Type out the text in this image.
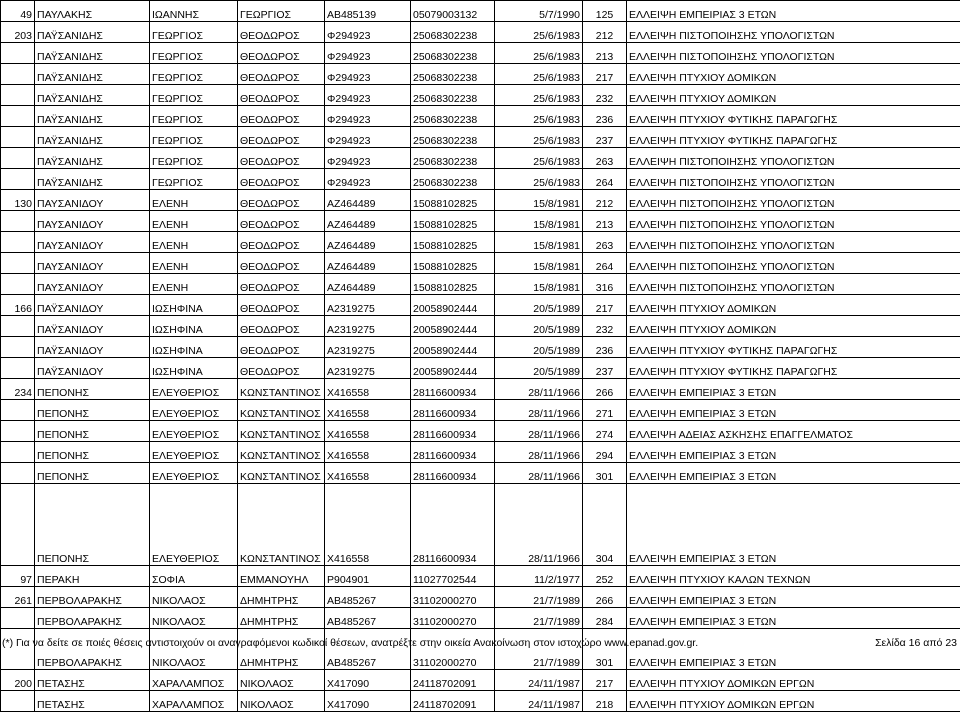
49	ΠΑΥΛΑΚΗΣ	ΙΩΑΝΝΗΣ	ΓΕΩΡΓΙΟΣ	ΑΒ485139	05079003132	5/7/1990	125	ΕΛΛΕΙΨΗ ΕΜΠΕΙΡΙΑΣ 3 ΕΤΩΝ
203	ΠΑΫΣΑΝΙΔΗΣ	ΓΕΩΡΓΙΟΣ	ΘΕΟΔΩΡΟΣ	Φ294923	25068302238	25/6/1983	212	ΕΛΛΕΙΨΗ ΠΙΣΤΟΠΟΙΗΣΗΣ ΥΠΟΛΟΓΙΣΤΩΝ
	ΠΑΫΣΑΝΙΔΗΣ	ΓΕΩΡΓΙΟΣ	ΘΕΟΔΩΡΟΣ	Φ294923	25068302238	25/6/1983	213	ΕΛΛΕΙΨΗ ΠΙΣΤΟΠΟΙΗΣΗΣ ΥΠΟΛΟΓΙΣΤΩΝ
	ΠΑΫΣΑΝΙΔΗΣ	ΓΕΩΡΓΙΟΣ	ΘΕΟΔΩΡΟΣ	Φ294923	25068302238	25/6/1983	217	ΕΛΛΕΙΨΗ ΠΤΥΧΙΟΥ ΔΟΜΙΚΩΝ
	ΠΑΫΣΑΝΙΔΗΣ	ΓΕΩΡΓΙΟΣ	ΘΕΟΔΩΡΟΣ	Φ294923	25068302238	25/6/1983	232	ΕΛΛΕΙΨΗ ΠΤΥΧΙΟΥ ΔΟΜΙΚΩΝ
	ΠΑΫΣΑΝΙΔΗΣ	ΓΕΩΡΓΙΟΣ	ΘΕΟΔΩΡΟΣ	Φ294923	25068302238	25/6/1983	236	ΕΛΛΕΙΨΗ ΠΤΥΧΙΟΥ ΦΥΤΙΚΗΣ ΠΑΡΑΓΩΓΗΣ
	ΠΑΫΣΑΝΙΔΗΣ	ΓΕΩΡΓΙΟΣ	ΘΕΟΔΩΡΟΣ	Φ294923	25068302238	25/6/1983	237	ΕΛΛΕΙΨΗ ΠΤΥΧΙΟΥ ΦΥΤΙΚΗΣ ΠΑΡΑΓΩΓΗΣ
	ΠΑΫΣΑΝΙΔΗΣ	ΓΕΩΡΓΙΟΣ	ΘΕΟΔΩΡΟΣ	Φ294923	25068302238	25/6/1983	263	ΕΛΛΕΙΨΗ ΠΙΣΤΟΠΟΙΗΣΗΣ ΥΠΟΛΟΓΙΣΤΩΝ
	ΠΑΫΣΑΝΙΔΗΣ	ΓΕΩΡΓΙΟΣ	ΘΕΟΔΩΡΟΣ	Φ294923	25068302238	25/6/1983	264	ΕΛΛΕΙΨΗ ΠΙΣΤΟΠΟΙΗΣΗΣ ΥΠΟΛΟΓΙΣΤΩΝ
130	ΠΑΥΣΑΝΙΔΟΥ	ΕΛΕΝΗ	ΘΕΟΔΩΡΟΣ	ΑΖ464489	15088102825	15/8/1981	212	ΕΛΛΕΙΨΗ ΠΙΣΤΟΠΟΙΗΣΗΣ ΥΠΟΛΟΓΙΣΤΩΝ
	ΠΑΥΣΑΝΙΔΟΥ	ΕΛΕΝΗ	ΘΕΟΔΩΡΟΣ	ΑΖ464489	15088102825	15/8/1981	213	ΕΛΛΕΙΨΗ ΠΙΣΤΟΠΟΙΗΣΗΣ ΥΠΟΛΟΓΙΣΤΩΝ
	ΠΑΥΣΑΝΙΔΟΥ	ΕΛΕΝΗ	ΘΕΟΔΩΡΟΣ	ΑΖ464489	15088102825	15/8/1981	263	ΕΛΛΕΙΨΗ ΠΙΣΤΟΠΟΙΗΣΗΣ ΥΠΟΛΟΓΙΣΤΩΝ
	ΠΑΥΣΑΝΙΔΟΥ	ΕΛΕΝΗ	ΘΕΟΔΩΡΟΣ	ΑΖ464489	15088102825	15/8/1981	264	ΕΛΛΕΙΨΗ ΠΙΣΤΟΠΟΙΗΣΗΣ ΥΠΟΛΟΓΙΣΤΩΝ
	ΠΑΥΣΑΝΙΔΟΥ	ΕΛΕΝΗ	ΘΕΟΔΩΡΟΣ	ΑΖ464489	15088102825	15/8/1981	316	ΕΛΛΕΙΨΗ ΠΙΣΤΟΠΟΙΗΣΗΣ ΥΠΟΛΟΓΙΣΤΩΝ
166	ΠΑΫΣΑΝΙΔΟΥ	ΙΩΣΗΦΙΝΑ	ΘΕΟΔΩΡΟΣ	Α2319275	20058902444	20/5/1989	217	ΕΛΛΕΙΨΗ ΠΤΥΧΙΟΥ ΔΟΜΙΚΩΝ
	ΠΑΫΣΑΝΙΔΟΥ	ΙΩΣΗΦΙΝΑ	ΘΕΟΔΩΡΟΣ	Α2319275	20058902444	20/5/1989	232	ΕΛΛΕΙΨΗ ΠΤΥΧΙΟΥ ΔΟΜΙΚΩΝ
	ΠΑΫΣΑΝΙΔΟΥ	ΙΩΣΗΦΙΝΑ	ΘΕΟΔΩΡΟΣ	Α2319275	20058902444	20/5/1989	236	ΕΛΛΕΙΨΗ ΠΤΥΧΙΟΥ ΦΥΤΙΚΗΣ ΠΑΡΑΓΩΓΗΣ
	ΠΑΫΣΑΝΙΔΟΥ	ΙΩΣΗΦΙΝΑ	ΘΕΟΔΩΡΟΣ	Α2319275	20058902444	20/5/1989	237	ΕΛΛΕΙΨΗ ΠΤΥΧΙΟΥ ΦΥΤΙΚΗΣ ΠΑΡΑΓΩΓΗΣ
234	ΠΕΠΟΝΗΣ	ΕΛΕΥΘΕΡΙΟΣ	ΚΩΝΣΤΑΝΤΙΝΟΣ	Χ416558	28116600934	28/11/1966	266	ΕΛΛΕΙΨΗ ΕΜΠΕΙΡΙΑΣ 3 ΕΤΩΝ
	ΠΕΠΟΝΗΣ	ΕΛΕΥΘΕΡΙΟΣ	ΚΩΝΣΤΑΝΤΙΝΟΣ	Χ416558	28116600934	28/11/1966	271	ΕΛΛΕΙΨΗ ΕΜΠΕΙΡΙΑΣ 3 ΕΤΩΝ
	ΠΕΠΟΝΗΣ	ΕΛΕΥΘΕΡΙΟΣ	ΚΩΝΣΤΑΝΤΙΝΟΣ	Χ416558	28116600934	28/11/1966	274	ΕΛΛΕΙΨΗ ΑΔΕΙΑΣ ΑΣΚΗΣΗΣ ΕΠΑΓΓΕΛΜΑΤΟΣ
	ΠΕΠΟΝΗΣ	ΕΛΕΥΘΕΡΙΟΣ	ΚΩΝΣΤΑΝΤΙΝΟΣ	Χ416558	28116600934	28/11/1966	294	ΕΛΛΕΙΨΗ ΕΜΠΕΙΡΙΑΣ 3 ΕΤΩΝ
	ΠΕΠΟΝΗΣ	ΕΛΕΥΘΕΡΙΟΣ	ΚΩΝΣΤΑΝΤΙΝΟΣ	Χ416558	28116600934	28/11/1966	301	ΕΛΛΕΙΨΗ ΕΜΠΕΙΡΙΑΣ 3 ΕΤΩΝ
	ΠΕΠΟΝΗΣ	ΕΛΕΥΘΕΡΙΟΣ	ΚΩΝΣΤΑΝΤΙΝΟΣ	Χ416558	28116600934	28/11/1966	304	ΕΛΛΕΙΨΗ ΕΜΠΕΙΡΙΑΣ 3 ΕΤΩΝ
97	ΠΕΡΑΚΗ	ΣΟΦΙΑ	ΕΜΜΑΝΟΥΗΛ	Ρ904901	11027702544	11/2/1977	252	ΕΛΛΕΙΨΗ ΠΤΥΧΙΟΥ ΚΑΛΩΝ ΤΕΧΝΩΝ
261	ΠΕΡΒΟΛΑΡΑΚΗΣ	ΝΙΚΟΛΑΟΣ	ΔΗΜΗΤΡΗΣ	ΑΒ485267	31102000270	21/7/1989	266	ΕΛΛΕΙΨΗ ΕΜΠΕΙΡΙΑΣ 3 ΕΤΩΝ
	ΠΕΡΒΟΛΑΡΑΚΗΣ	ΝΙΚΟΛΑΟΣ	ΔΗΜΗΤΡΗΣ	ΑΒ485267	31102000270	21/7/1989	284	ΕΛΛΕΙΨΗ ΕΜΠΕΙΡΙΑΣ 3 ΕΤΩΝ
	ΠΕΡΒΟΛΑΡΑΚΗΣ	ΝΙΚΟΛΑΟΣ	ΔΗΜΗΤΡΗΣ	ΑΒ485267	31102000270	21/7/1989	301	ΕΛΛΕΙΨΗ ΕΜΠΕΙΡΙΑΣ 3 ΕΤΩΝ
200	ΠΕΤΑΣΗΣ	ΧΑΡΑΛΑΜΠΟΣ	ΝΙΚΟΛΑΟΣ	Χ417090	24118702091	24/11/1987	217	ΕΛΛΕΙΨΗ ΠΤΥΧΙΟΥ ΔΟΜΙΚΩΝ ΕΡΓΩΝ
	ΠΕΤΑΣΗΣ	ΧΑΡΑΛΑΜΠΟΣ	ΝΙΚΟΛΑΟΣ	Χ417090	24118702091	24/11/1987	218	ΕΛΛΕΙΨΗ ΠΤΥΧΙΟΥ ΔΟΜΙΚΩΝ ΕΡΓΩΝ
(*) Για να δείτε σε ποιές θέσεις αντιστοιχούν οι αναγραφόμενοι κωδικοί θέσεων, ανατρέξτε στην οικεία Ανακοίνωση στον ιστοχώρο www.epanad.gov.gr.	Σελίδα 16 από 23
